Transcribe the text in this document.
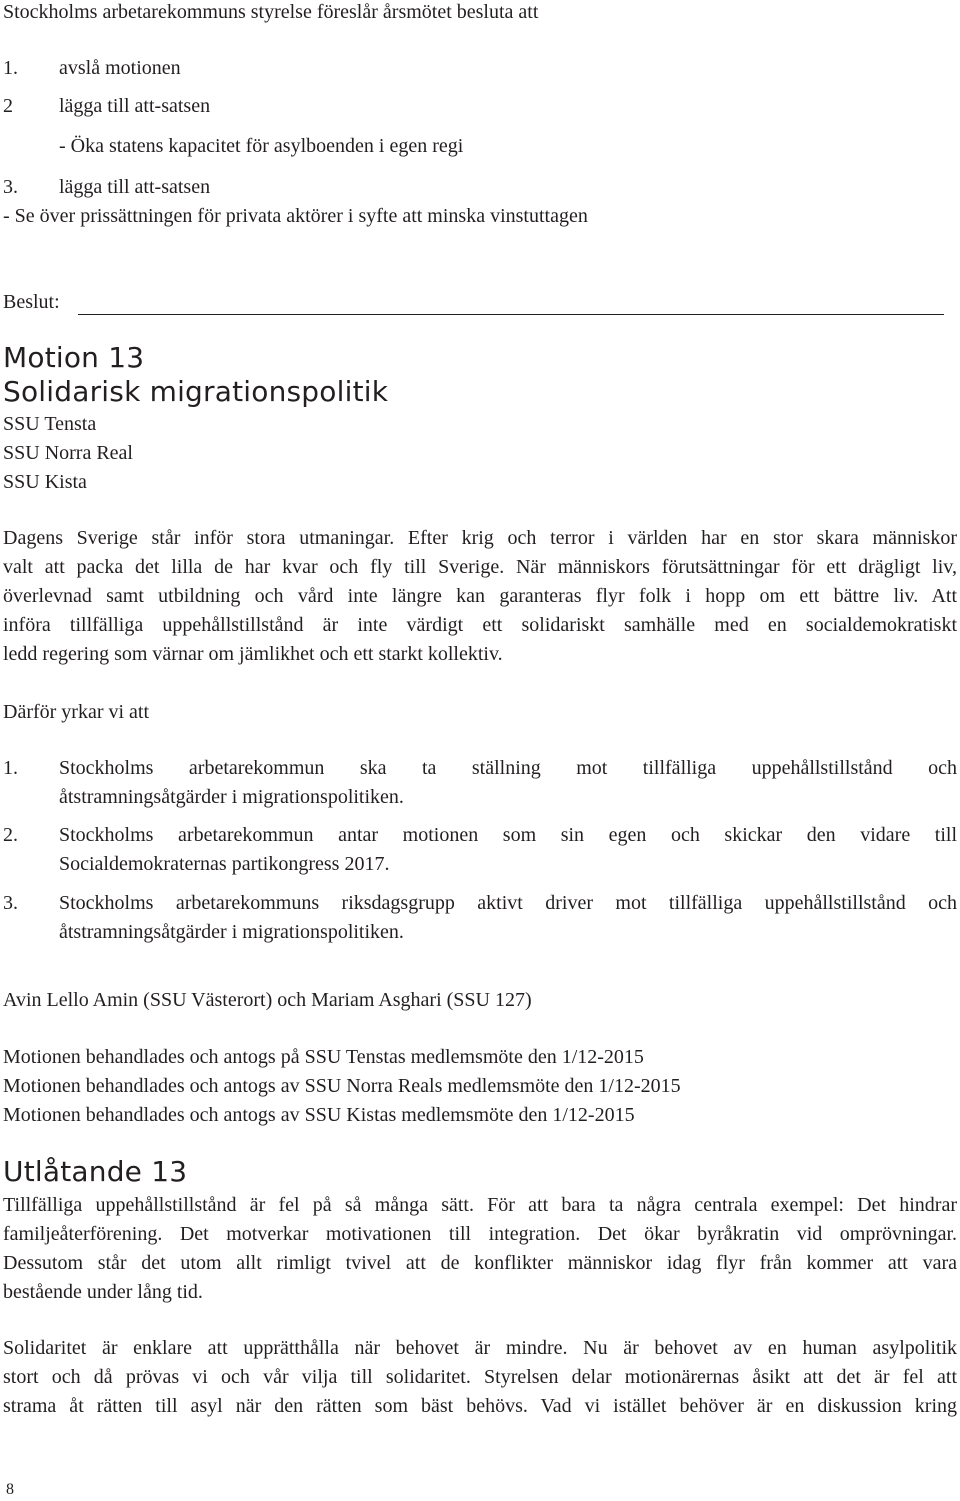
Stockholms arbetarekommuns styrelse föreslår årsmötet besluta att
1. avslå motionen
2 lägga till att-satsen
- Öka statens kapacitet för asylboenden i egen regi
3. lägga till att-satsen
- Se över prissättningen för privata aktörer i syfte att minska vinstuttagen
Beslut:
Motion 13
Solidarisk migrationspolitik
SSU Tensta
SSU Norra Real
SSU Kista
Dagens Sverige står inför stora utmaningar. Efter krig och terror i världen har en stor skara människor
valt att packa det lilla de har kvar och fly till Sverige. När människors förutsättningar för ett drägligt liv,
överlevnad samt utbildning och vård inte längre kan garanteras flyr folk i hopp om ett bättre liv. Att
införa tillfälliga uppehållstillstånd är inte värdigt ett solidariskt samhälle med en socialdemokratiskt
ledd regering som värnar om jämlikhet och ett starkt kollektiv.
Därför yrkar vi att
1. Stockholms arbetarekommun ska ta ställning mot tillfälliga uppehållstillstånd och
åtstramningsåtgärder i migrationspolitiken.
2. Stockholms arbetarekommun antar motionen som sin egen och skickar den vidare till
Socialdemokraternas partikongress 2017.
3. Stockholms arbetarekommuns riksdagsgrupp aktivt driver mot tillfälliga uppehållstillstånd och
åtstramningsåtgärder i migrationspolitiken.
Avin Lello Amin (SSU Västerort) och Mariam Asghari (SSU 127)
Motionen behandlades och antogs på SSU Tenstas medlemsmöte den 1/12-2015
Motionen behandlades och antogs av SSU Norra Reals medlemsmöte den 1/12-2015
Motionen behandlades och antogs av SSU Kistas medlemsmöte den 1/12-2015
Utlåtande 13
Tillfälliga uppehållstillstånd är fel på så många sätt. För att bara ta några centrala exempel: Det hindrar
familjeåterförening. Det motverkar motivationen till integration. Det ökar byråkratin vid omprövningar.
Dessutom står det utom allt rimligt tvivel att de konflikter människor idag flyr från kommer att vara
bestående under lång tid.
Solidaritet är enklare att upprätthålla när behovet är mindre. Nu är behovet av en human asylpolitik
stort och då prövas vi och vår vilja till solidaritet. Styrelsen delar motionärernas åsikt att det är fel att
strama åt rätten till asyl när den rätten som bäst behövs. Vad vi istället behöver är en diskussion kring
8
